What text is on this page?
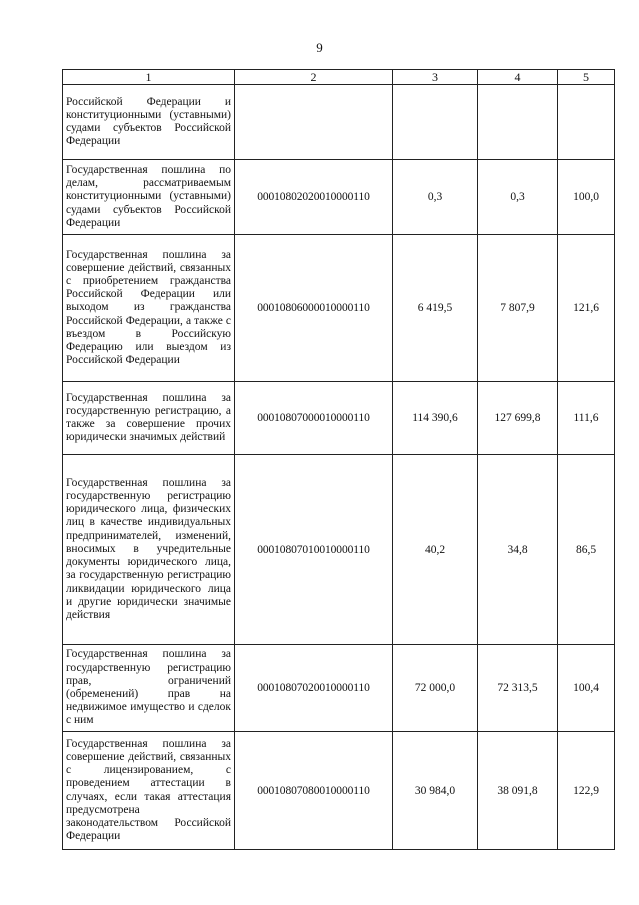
9
1	2	3	4	5
Российской Федерации и конституционными (уставными) судами субъектов Российской Федерации				
Государственная пошлина по делам, рассматриваемым конституционными (уставными) судами субъектов Российской Федерации	00010802020010000110	0,3	0,3	100,0
Государственная пошлина за совершение действий, связанных с приобретением гражданства Российской Федерации или выходом из гражданства Российской Федерации, а также с въездом в Российскую Федерацию или выездом из Российской Федерации	00010806000010000110	6 419,5	7 807,9	121,6
Государственная пошлина за государственную регистрацию, а также за совершение прочих юридически значимых действий	00010807000010000110	114 390,6	127 699,8	111,6
Государственная пошлина за государственную регистрацию юридического лица, физических лиц в качестве индивидуальных предпринимателей, изменений, вносимых в учредительные документы юридического лица, за государственную регистрацию ликвидации юридического лица и другие юридически значимые действия	00010807010010000110	40,2	34,8	86,5
Государственная пошлина за государственную регистрацию прав, ограничений (обременений) прав на недвижимое имущество и сделок с ним	00010807020010000110	72 000,0	72 313,5	100,4
Государственная пошлина за совершение действий, связанных с лицензированием, с проведением аттестации в случаях, если такая аттестация предусмотрена законодательством Российской Федерации	00010807080010000110	30 984,0	38 091,8	122,9
